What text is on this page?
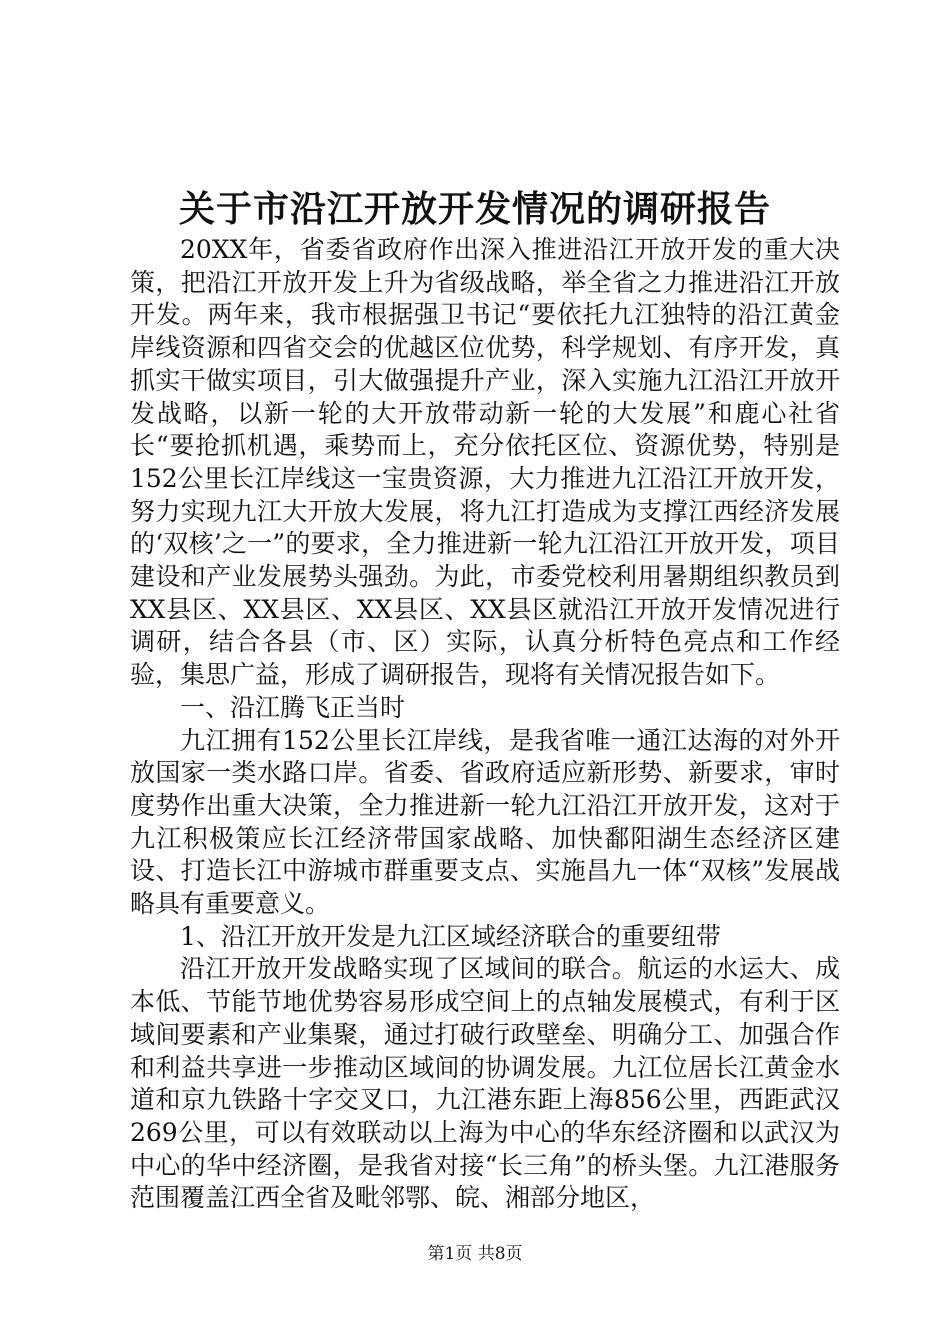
关于市沿江开放开发情况的调研报告

20XX年，省委省政府作出深入推进沿江开放开发的重大决策，把沿江开放开发上升为省级战略，举全省之力推进沿江开放开发。两年来，我市根据强卫书记“要依托九江独特的沿江黄金岸线资源和四省交会的优越区位优势，科学规划、有序开发，真抓实干做实项目，引大做强提升产业，深入实施九江沿江开放开发战略，以新一轮的大开放带动新一轮的大发展”和鹿心社省长“要抢抓机遇，乘势而上，充分依托区位、资源优势，特别是152公里长江岸线这一宝贵资源，大力推进九江沿江开放开发，努力实现九江大开放大发展，将九江打造成为支撑江西经济发展的‘双核’之一”的要求，全力推进新一轮九江沿江开放开发，项目建设和产业发展势头强劲。为此，市委党校利用暑期组织教员到XX县区、XX县区、XX县区、XX县区就沿江开放开发情况进行调研，结合各县（市、区）实际，认真分析特色亮点和工作经验，集思广益，形成了调研报告，现将有关情况报告如下。

一、沿江腾飞正当时

九江拥有152公里长江岸线，是我省唯一通江达海的对外开放国家一类水路口岸。省委、省政府适应新形势、新要求，审时度势作出重大决策，全力推进新一轮九江沿江开放开发，这对于九江积极策应长江经济带国家战略、加快鄱阳湖生态经济区建设、打造长江中游城市群重要支点、实施昌九一体“双核”发展战略具有重要意义。

1、沿江开放开发是九江区域经济联合的重要纽带

沿江开放开发战略实现了区域间的联合。航运的水运大、成本低、节能节地优势容易形成空间上的点轴发展模式，有利于区域间要素和产业集聚，通过打破行政壁垒、明确分工、加强合作和利益共享进一步推动区域间的协调发展。九江位居长江黄金水道和京九铁路十字交叉口，九江港东距上海856公里，西距武汉269公里，可以有效联动以上海为中心的华东经济圈和以武汉为中心的华中经济圈，是我省对接“长三角”的桥头堡。九江港服务范围覆盖江西全省及毗邻鄂、皖、湘部分地区，

第1页 共8页
